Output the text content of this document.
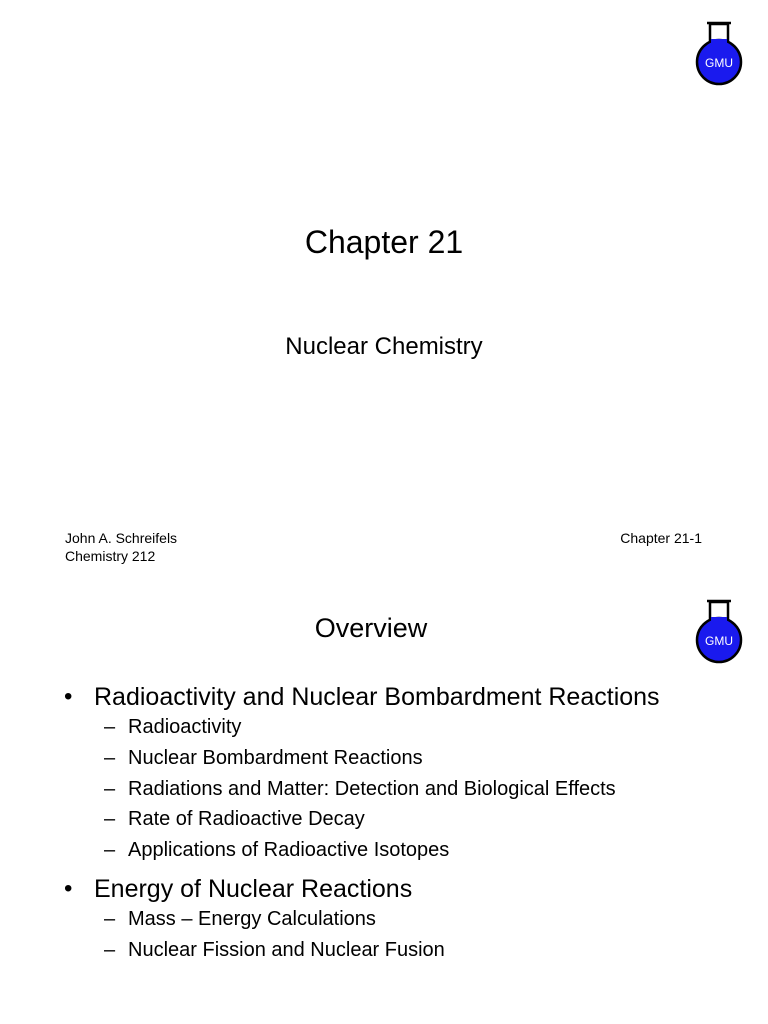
GMU
Chapter 21
Nuclear Chemistry
John A. Schreifels
Chemistry 212
Chapter 21-1
GMU
Overview
• Radioactivity and Nuclear Bombardment Reactions
– Radioactivity
– Nuclear Bombardment Reactions
– Radiations and Matter: Detection and Biological Effects
– Rate of Radioactive Decay
– Applications of Radioactive Isotopes
• Energy of Nuclear Reactions
– Mass – Energy Calculations
– Nuclear Fission and Nuclear Fusion
